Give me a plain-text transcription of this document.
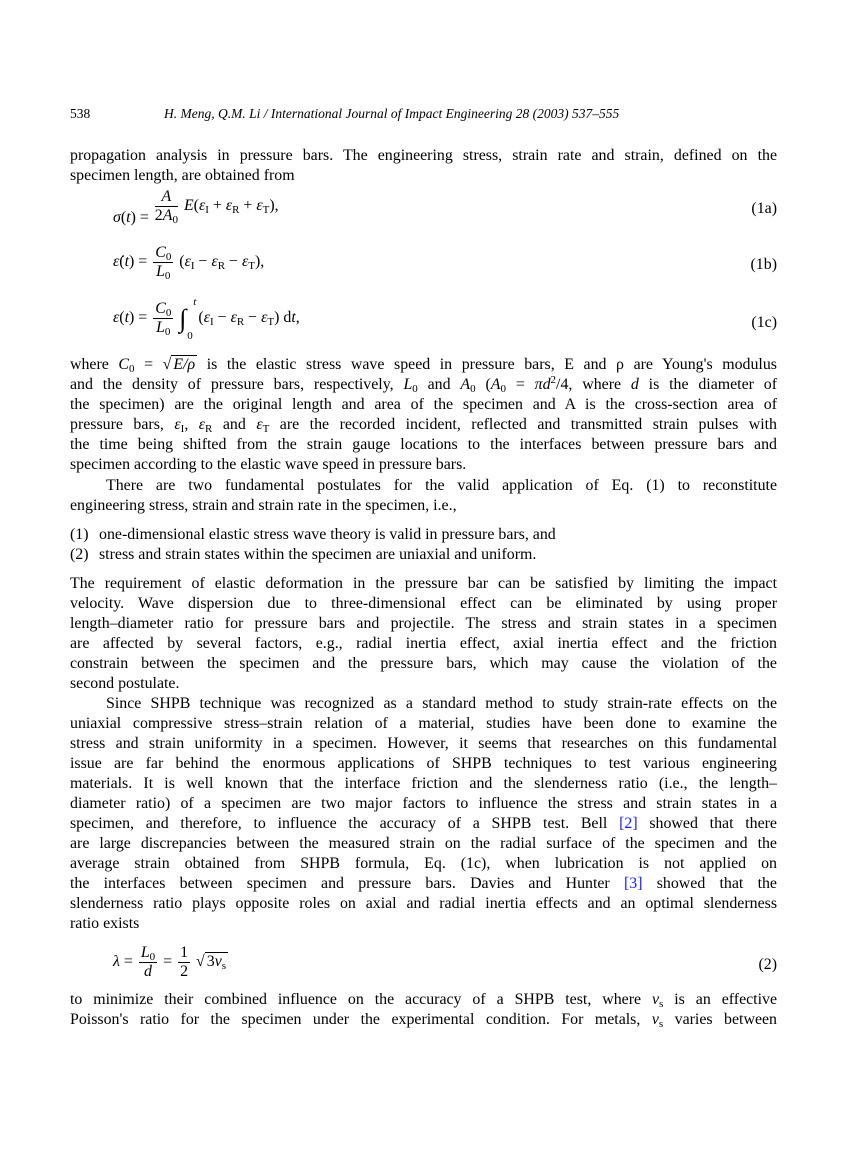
538	H. Meng, Q.M. Li / International Journal of Impact Engineering 28 (2003) 537–555
propagation analysis in pressure bars. The engineering stress, strain rate and strain, defined on the
specimen length, are obtained from
$\sigma(t) = \frac{A}{2A_0} E(\varepsilon_I + \varepsilon_R + \varepsilon_T)$,	(1a)
ε̇(t) = $\frac{C_0}{L_0} (\varepsilon_I - \varepsilon_R - \varepsilon_T)$,	(1b)
$\varepsilon(t) = \frac{C_0}{L_0}$ ∫
t
0
$(\varepsilon_I - \varepsilon_R - \varepsilon_T)$ dt,	(1c)
where $C_0$ = √ E/ρ is the elastic stress wave speed in pressure bars, E and ρ are Young's modulus
and the density of pressure bars, respectively, $L_0$ and $A_0$ ($A_0 = \pi d^2/4$, where d is the diameter of
the specimen) are the original length and area of the specimen and A is the cross-section area of
pressure bars, $\varepsilon_I$, $\varepsilon_R$ and $\varepsilon_T$ are the recorded incident, reflected and transmitted strain pulses with
the time being shifted from the strain gauge locations to the interfaces between pressure bars and
specimen according to the elastic wave speed in pressure bars.
There are two fundamental postulates for the valid application of Eq. (1) to reconstitute
engineering stress, strain and strain rate in the specimen, i.e.,
(1) one-dimensional elastic stress wave theory is valid in pressure bars, and
(2) stress and strain states within the specimen are uniaxial and uniform.
The requirement of elastic deformation in the pressure bar can be satisfied by limiting the impact
velocity. Wave dispersion due to three-dimensional effect can be eliminated by using proper
length–diameter ratio for pressure bars and projectile. The stress and strain states in a specimen
are affected by several factors, e.g., radial inertia effect, axial inertia effect and the friction
constrain between the specimen and the pressure bars, which may cause the violation of the
second postulate.
Since SHPB technique was recognized as a standard method to study strain-rate effects on the
uniaxial compressive stress–strain relation of a material, studies have been done to examine the
stress and strain uniformity in a specimen. However, it seems that researches on this fundamental
issue are far behind the enormous applications of SHPB techniques to test various engineering
materials. It is well known that the interface friction and the slenderness ratio (i.e., the length–
diameter ratio) of a specimen are two major factors to influence the stress and strain states in a
specimen, and therefore, to influence the accuracy of a SHPB test. Bell [2] showed that there
are large discrepancies between the measured strain on the radial surface of the specimen and the
average strain obtained from SHPB formula, Eq. (1c), when lubrication is not applied on
the interfaces between specimen and pressure bars. Davies and Hunter [3] showed that the
slenderness ratio plays opposite roles on axial and radial inertia effects and an optimal slenderness
ratio exists
$\lambda = \frac{L_0}{d} = \frac{1}{2}$ √ $3\nu_s$	(2)
to minimize their combined influence on the accuracy of a SHPB test, where $\nu_s$ is an effective
Poisson's ratio for the specimen under the experimental condition. For metals, $\nu_s$ varies between
